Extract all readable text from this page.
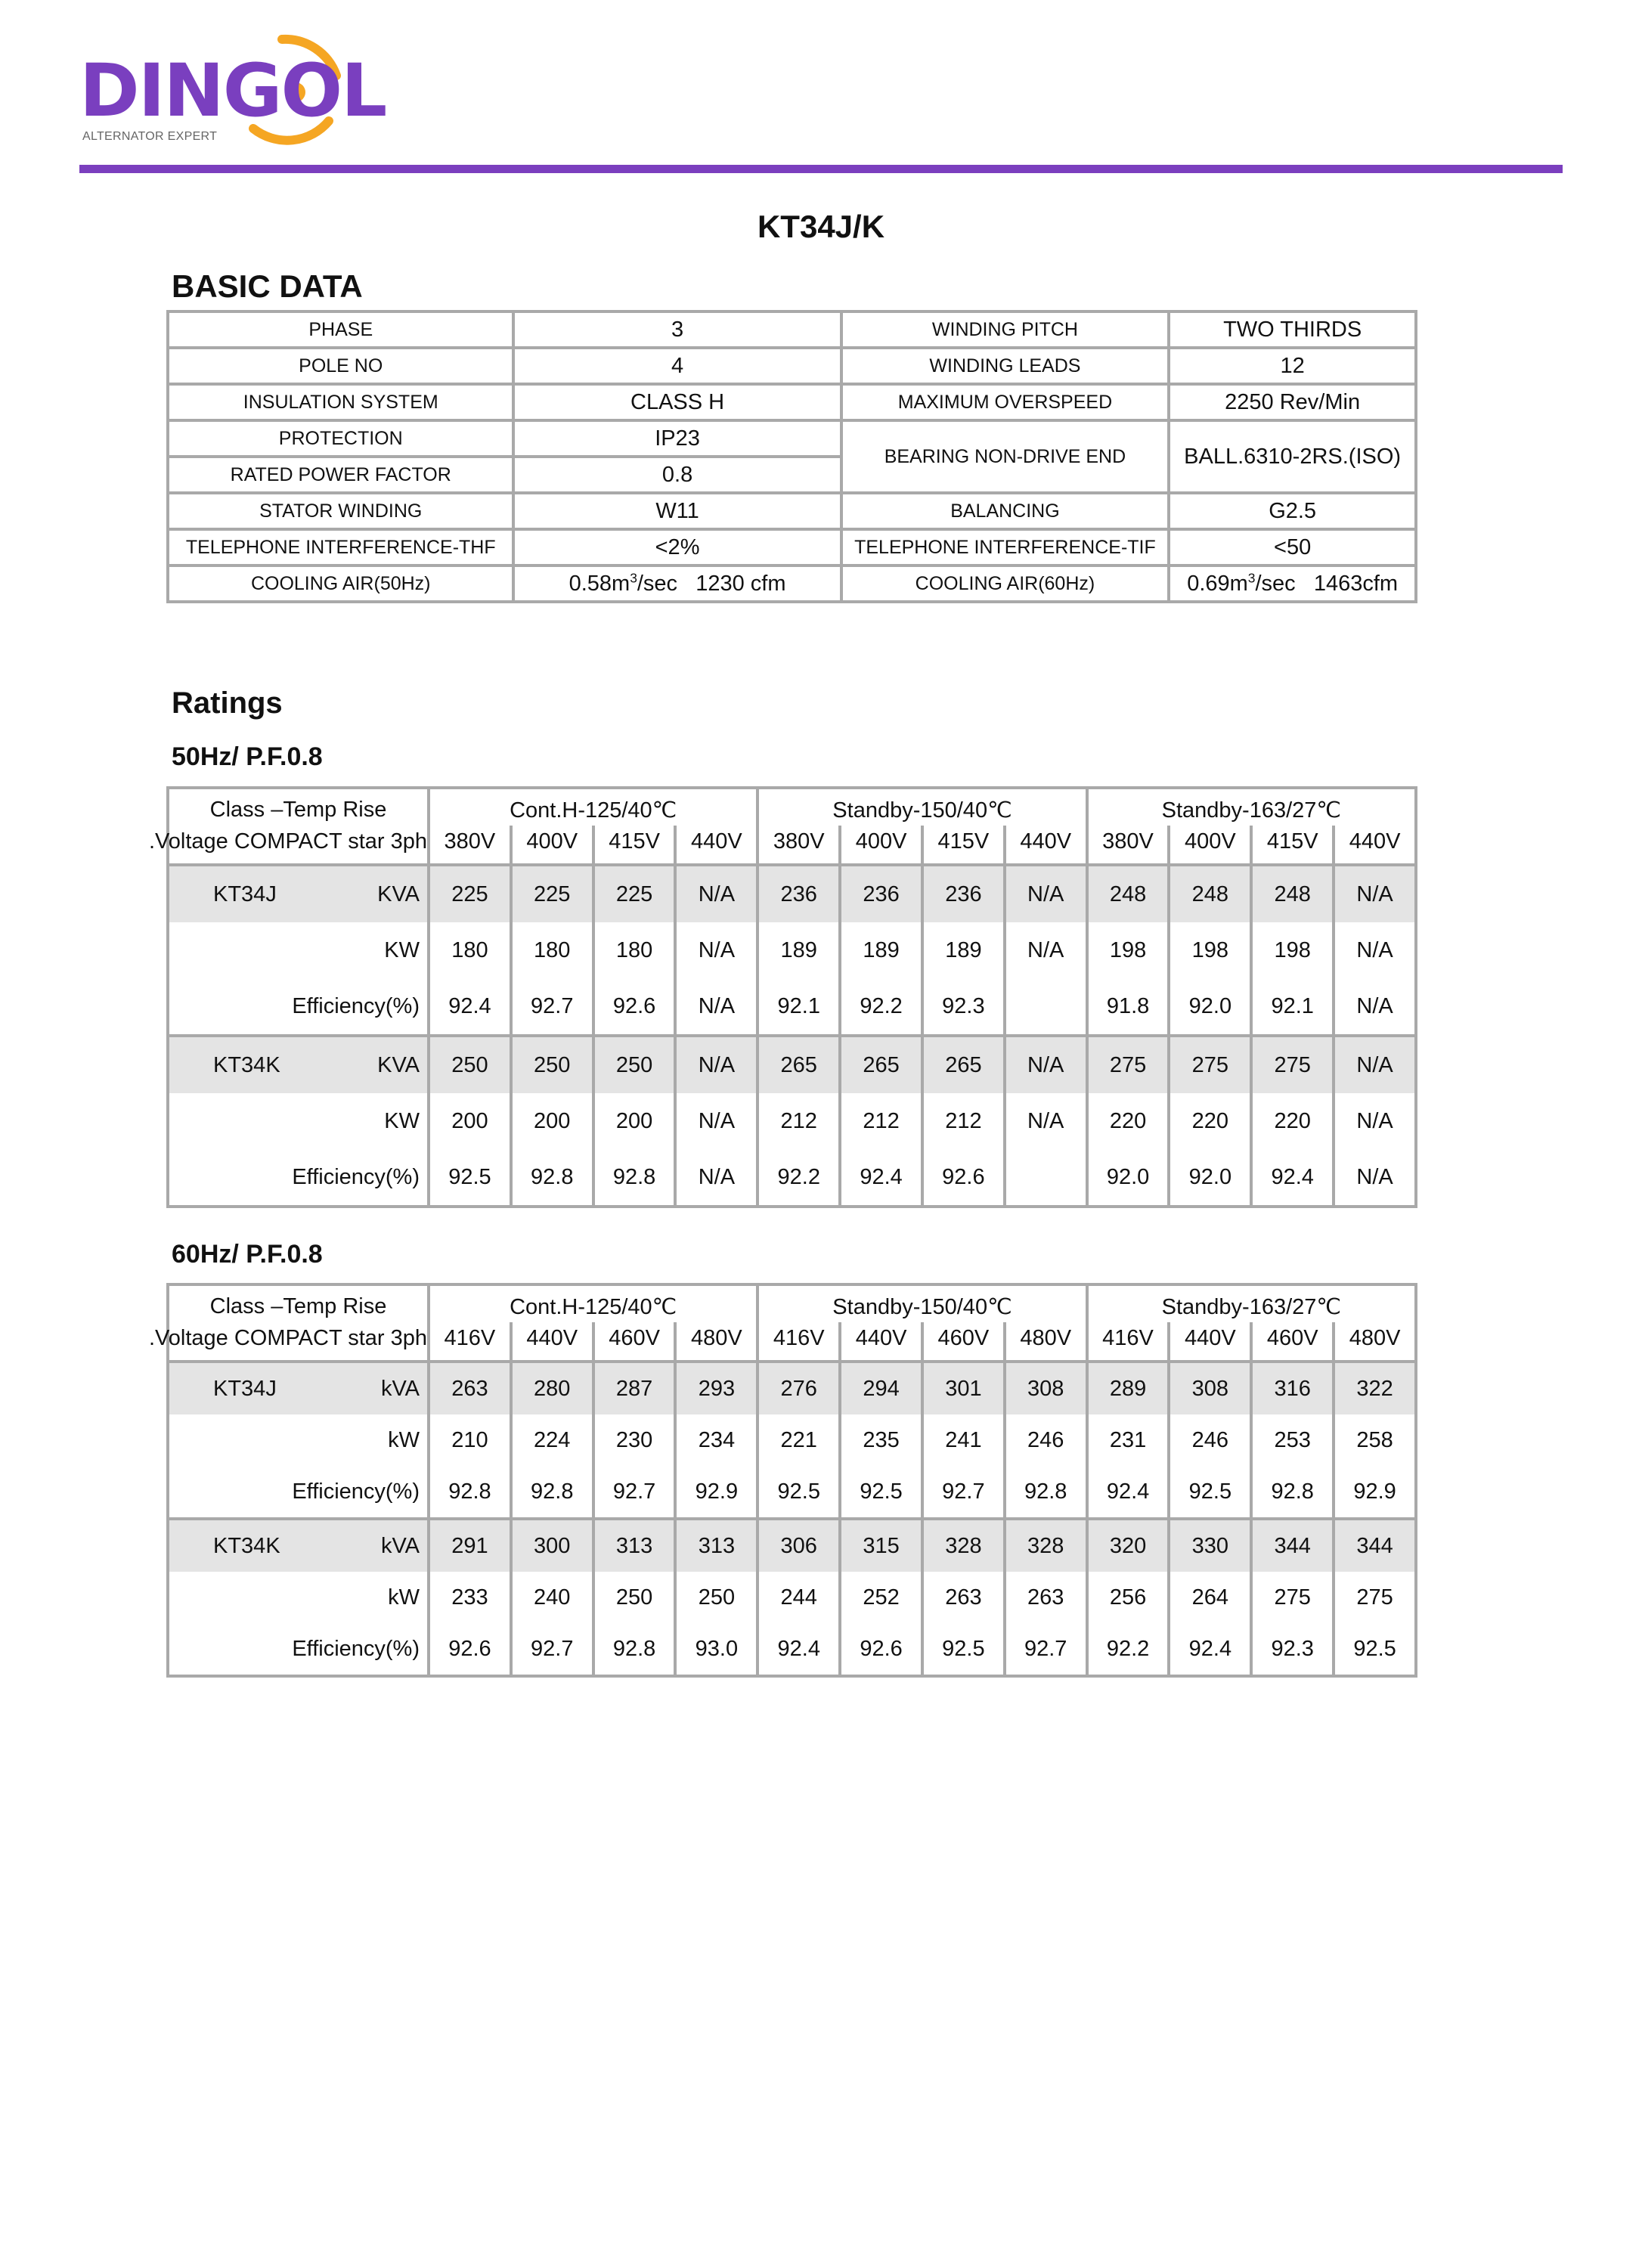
DINGOL
ALTERNATOR EXPERT
KT34J/K
BASIC DATA
PHASE	3	WINDING PITCH	TWO THIRDS
POLE NO	4	WINDING LEADS	12
INSULATION SYSTEM	CLASS H	MAXIMUM OVERSPEED	2250 Rev/Min
PROTECTION	IP23	BEARING NON-DRIVE END	BALL.6310-2RS.(ISO)
RATED POWER FACTOR	0.8		
STATOR WINDING	W11	BALANCING	G2.5
TELEPHONE INTERFERENCE-THF	<2%	TELEPHONE INTERFERENCE-TIF	<50
COOLING AIR(50Hz)	$0.58m^3/\sec$   1230 cfm	COOLING AIR(60Hz)	$0.69m^3/\sec$   1463cfm
Ratings
50Hz/ P.F.0.8
60Hz/ P.F.0.8
Class –Temp Rise	Cont.H-125/40℃				Standby-150/40℃				Standby-163/27℃			

Voltage COMPACT star 3ph.	380V	400V	415V	440V	380V	400V	415V	440V	380V	400V	415V	440V

KT34J KVA	225	225	225	N/A	236	236	236	N/A	248	248	248	N/A

KW	180	180	180	N/A	189	189	189	N/A	198	198	198	N/A

Efficiency(%)	92.4	92.7	92.6	N/A	92.1	92.2	92.3		91.8	92.0	92.1	N/A

KT34K KVA	250	250	250	N/A	265	265	265	N/A	275	275	275	N/A

KW	200	200	200	N/A	212	212	212	N/A	220	220	220	N/A

Efficiency(%)	92.5	92.8	92.8	N/A	92.2	92.4	92.6		92.0	92.0	92.4	N/A
Class –Temp Rise	Cont.H-125/40℃				Standby-150/40℃				Standby-163/27℃			

Voltage COMPACT star 3ph.	416V	440V	460V	480V	416V	440V	460V	480V	416V	440V	460V	480V

KT34J kVA	263	280	287	293	276	294	301	308	289	308	316	322

kW	210	224	230	234	221	235	241	246	231	246	253	258

Efficiency(%)	92.8	92.8	92.7	92.9	92.5	92.5	92.7	92.8	92.4	92.5	92.8	92.9

KT34K kVA	291	300	313	313	306	315	328	328	320	330	344	344

kW	233	240	250	250	244	252	263	263	256	264	275	275

Efficiency(%)	92.6	92.7	92.8	93.0	92.4	92.6	92.5	92.7	92.2	92.4	92.3	92.5
